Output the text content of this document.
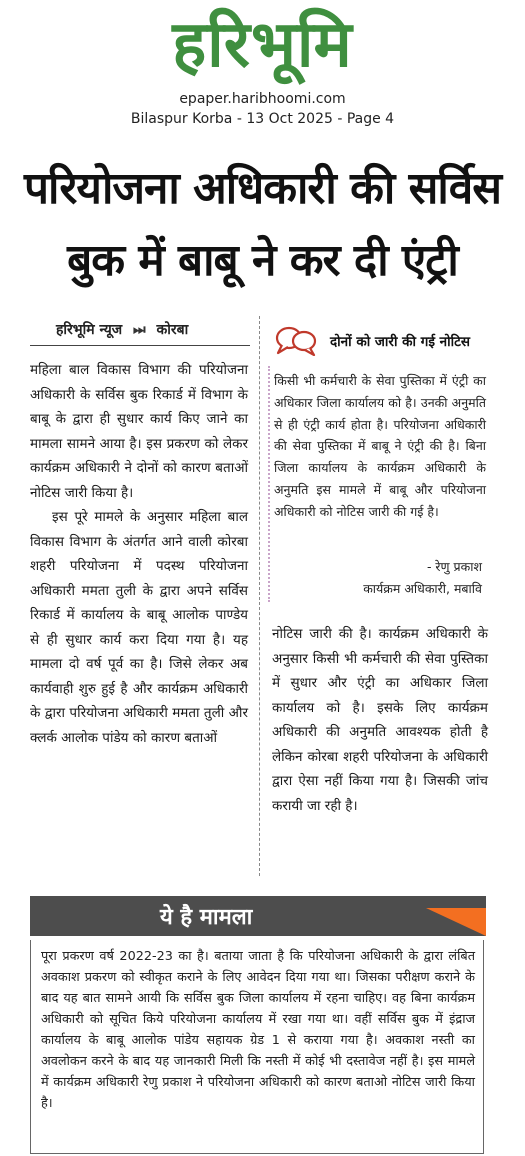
हरिभूमि
epaper.haribhoomi.com
Bilaspur Korba - 13 Oct 2025 - Page 4
परियोजना अधिकारी की सर्विस
बुक में बाबू ने कर दी एंट्री
हरिभूमि न्यूज ⏭ कोरबा

महिला बाल विकास विभाग की परियोजना अधिकारी के सर्विस बुक रिकार्ड में विभाग के बाबू के द्वारा ही सुधार कार्य किए जाने का मामला सामने आया है। इस प्रकरण को लेकर कार्यक्रम अधिकारी ने दोनों को कारण बताओं नोटिस जारी किया है।

इस पूरे मामले के अनुसार महिला बाल विकास विभाग के अंतर्गत आने वाली कोरबा शहरी परियोजना में पदस्थ परियोजना अधिकारी ममता तुली के द्वारा अपने सर्विस रिकार्ड में कार्यालय के बाबू आलोक पाण्डेय से ही सुधार कार्य करा दिया गया है। यह मामला दो वर्ष पूर्व का है। जिसे लेकर अब कार्यवाही शुरु हुई है और कार्यक्रम अधिकारी के द्वारा परियोजना अधिकारी ममता तुली और क्लर्क आलोक पांडेय को कारण बताओं

दोनों को जारी की गई नोटिस
किसी भी कर्मचारी के सेवा पुस्तिका में एंट्री का अधिकार जिला कार्यालय को है। उनकी अनुमति से ही एंट्री कार्य होता है। परियोजना अधिकारी की सेवा पुस्तिका में बाबू ने एंट्री की है। बिना जिला कार्यालय के कार्यक्रम अधिकारी के अनुमति इस मामले में बाबू और परियोजना अधिकारी को नोटिस जारी की गई है।
- रेणु प्रकाश
कार्यक्रम अधिकारी, मबावि

नोटिस जारी की है। कार्यक्रम अधिकारी के अनुसार किसी भी कर्मचारी की सेवा पुस्तिका में सुधार और एंट्री का अधिकार जिला कार्यालय को है। इसके लिए कार्यक्रम अधिकारी की अनुमति आवश्यक होती है लेकिन कोरबा शहरी परियोजना के अधिकारी द्वारा ऐसा नहीं किया गया है। जिसकी जांच करायी जा रही है।

ये है मामला
पूरा प्रकरण वर्ष 2022-23 का है। बताया जाता है कि परियोजना अधिकारी के द्वारा लंबित अवकाश प्रकरण को स्वीकृत कराने के लिए आवेदन दिया गया था। जिसका परीक्षण कराने के बाद यह बात सामने आयी कि सर्विस बुक जिला कार्यालय में रहना चाहिए। वह बिना कार्यक्रम अधिकारी को सूचित किये परियोजना कार्यालय में रखा गया था। वहीं सर्विस बुक में इंद्राज कार्यालय के बाबू आलोक पांडेय सहायक ग्रेड 1 से कराया गया है। अवकाश नस्ती का अवलोकन करने के बाद यह जानकारी मिली कि नस्ती में कोई भी दस्तावेज नहीं है। इस मामले में कार्यक्रम अधिकारी रेणु प्रकाश ने परियोजना अधिकारी को कारण बताओ नोटिस जारी किया है।
